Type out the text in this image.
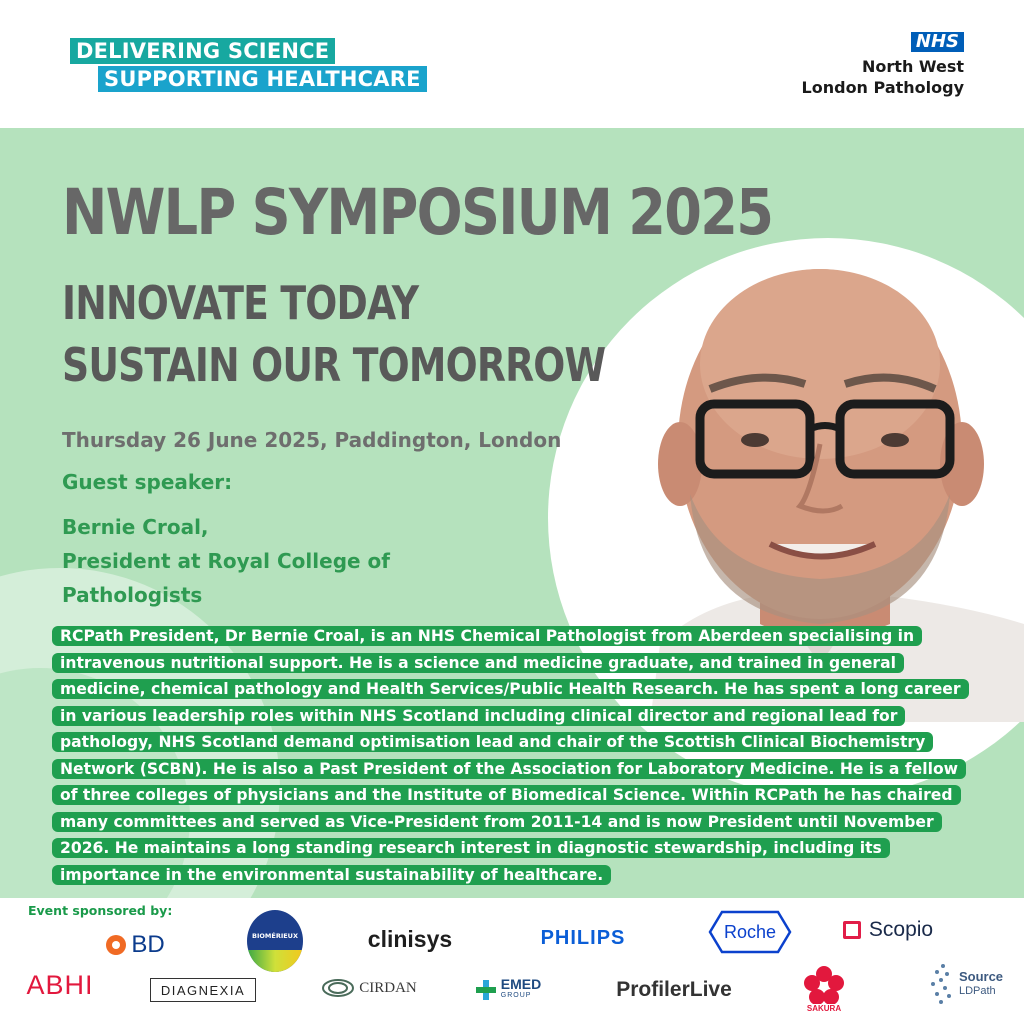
DELIVERING SCIENCE
SUPPORTING HEALTHCARE
NHS
North West
London Pathology
NWLP SYMPOSIUM 2025
INNOVATE TODAY
SUSTAIN OUR TOMORROW
Thursday 26 June 2025, Paddington, London
Guest speaker:
Bernie Croal,
President at Royal College of
Pathologists

RCPath President, Dr Bernie Croal, is an NHS Chemical Pathologist from Aberdeen specialising in intravenous nutritional support. He is a science and medicine graduate, and trained in general medicine, chemical pathology and Health Services/Public Health Research. He has spent a long career in various leadership roles within NHS Scotland including clinical director and regional lead for pathology, NHS Scotland demand optimisation lead and chair of the Scottish Clinical Biochemistry Network (SCBN). He is also a Past President of the Association for Laboratory Medicine. He is a fellow of three colleges of physicians and the Institute of Biomedical Science. Within RCPath he has chaired many committees and served as Vice-President from 2011-14 and is now President until November 2026. He maintains a long standing research interest in diagnostic stewardship, including its importance in the environmental sustainability of healthcare.

Event sponsored by:
BD	BIOMÉRIEUX	clinisys	PHILIPS	Roche	Scopio
ABHI	DIAGNEXIA	CIRDAN	EMED
GROUP	ProfilerLive
SAKURA
Source
LDPath
